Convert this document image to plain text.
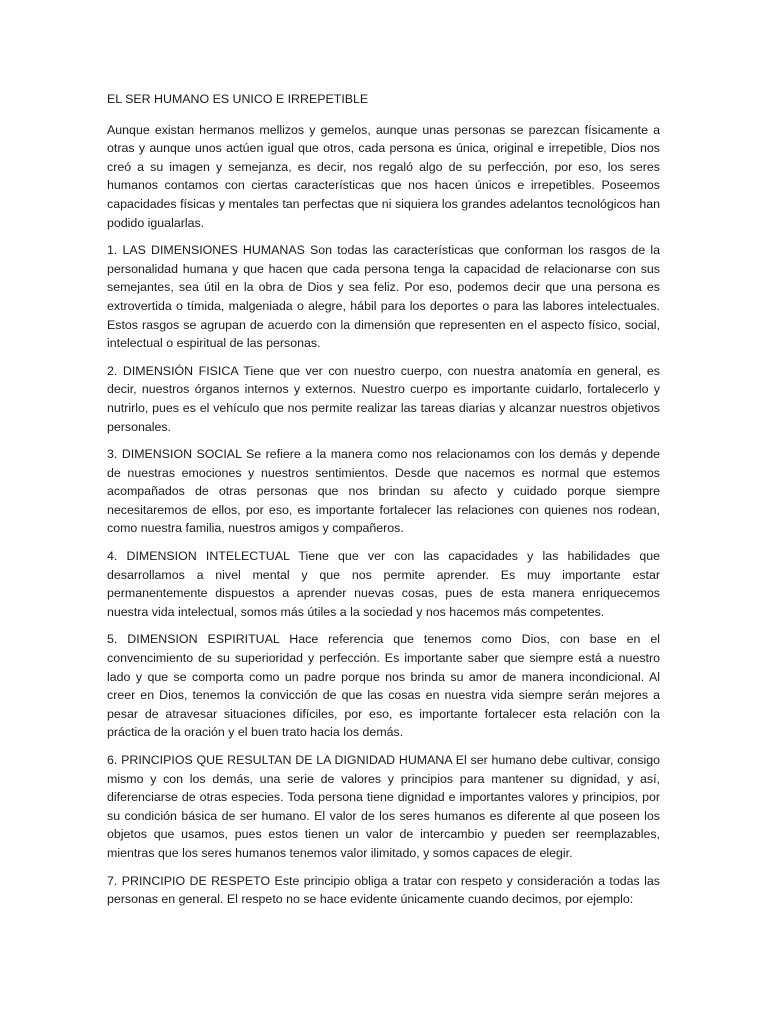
EL SER HUMANO ES UNICO E IRREPETIBLE

Aunque existan hermanos mellizos y gemelos, aunque unas personas se parezcan físicamente a otras y aunque unos actúen igual que otros, cada persona es única, original e irrepetible, Dios nos creó a su imagen y semejanza, es decir, nos regaló algo de su perfección, por eso, los seres humanos contamos con ciertas características que nos hacen únicos e irrepetibles. Poseemos capacidades físicas y mentales tan perfectas que ni siquiera los grandes adelantos tecnológicos han podido igualarlas.

1. LAS DIMENSIONES HUMANAS Son todas las características que conforman los rasgos de la personalidad humana y que hacen que cada persona tenga la capacidad de relacionarse con sus semejantes, sea útil en la obra de Dios y sea feliz. Por eso, podemos decir que una persona es extrovertida o tímida, malgeniada o alegre, hábil para los deportes o para las labores intelectuales. Estos rasgos se agrupan de acuerdo con la dimensión que representen en el aspecto físico, social, intelectual o espiritual de las personas.

2. DIMENSIÓN FISICA Tiene que ver con nuestro cuerpo, con nuestra anatomía en general, es decir, nuestros órganos internos y externos. Nuestro cuerpo es importante cuidarlo, fortalecerlo y nutrirlo, pues es el vehículo que nos permite realizar las tareas diarias y alcanzar nuestros objetivos personales.

3. DIMENSION SOCIAL Se refiere a la manera como nos relacionamos con los demás y depende de nuestras emociones y nuestros sentimientos. Desde que nacemos es normal que estemos acompañados de otras personas que nos brindan su afecto y cuidado porque siempre necesitaremos de ellos, por eso, es importante fortalecer las relaciones con quienes nos rodean, como nuestra familia, nuestros amigos y compañeros.

4. DIMENSION INTELECTUAL Tiene que ver con las capacidades y las habilidades que desarrollamos a nivel mental y que nos permite aprender. Es muy importante estar permanentemente dispuestos a aprender nuevas cosas, pues de esta manera enriquecemos nuestra vida intelectual, somos más útiles a la sociedad y nos hacemos más competentes.

5. DIMENSION ESPIRITUAL Hace referencia que tenemos como Dios, con base en el convencimiento de su superioridad y perfección. Es importante saber que siempre está a nuestro lado y que se comporta como un padre porque nos brinda su amor de manera incondicional. Al creer en Dios, tenemos la convicción de que las cosas en nuestra vida siempre serán mejores a pesar de atravesar situaciones difíciles, por eso, es importante fortalecer esta relación con la práctica de la oración y el buen trato hacia los demás.

6. PRINCIPIOS QUE RESULTAN DE LA DIGNIDAD HUMANA El ser humano debe cultivar, consigo mismo y con los demás, una serie de valores y principios para mantener su dignidad, y así, diferenciarse de otras especies. Toda persona tiene dignidad e importantes valores y principios, por su condición básica de ser humano. El valor de los seres humanos es diferente al que poseen los objetos que usamos, pues estos tienen un valor de intercambio y pueden ser reemplazables, mientras que los seres humanos tenemos valor ilimitado, y somos capaces de elegir.

7. PRINCIPIO DE RESPETO Este principio obliga a tratar con respeto y consideración a todas las personas en general. El respeto no se hace evidente únicamente cuando decimos, por ejemplo:
